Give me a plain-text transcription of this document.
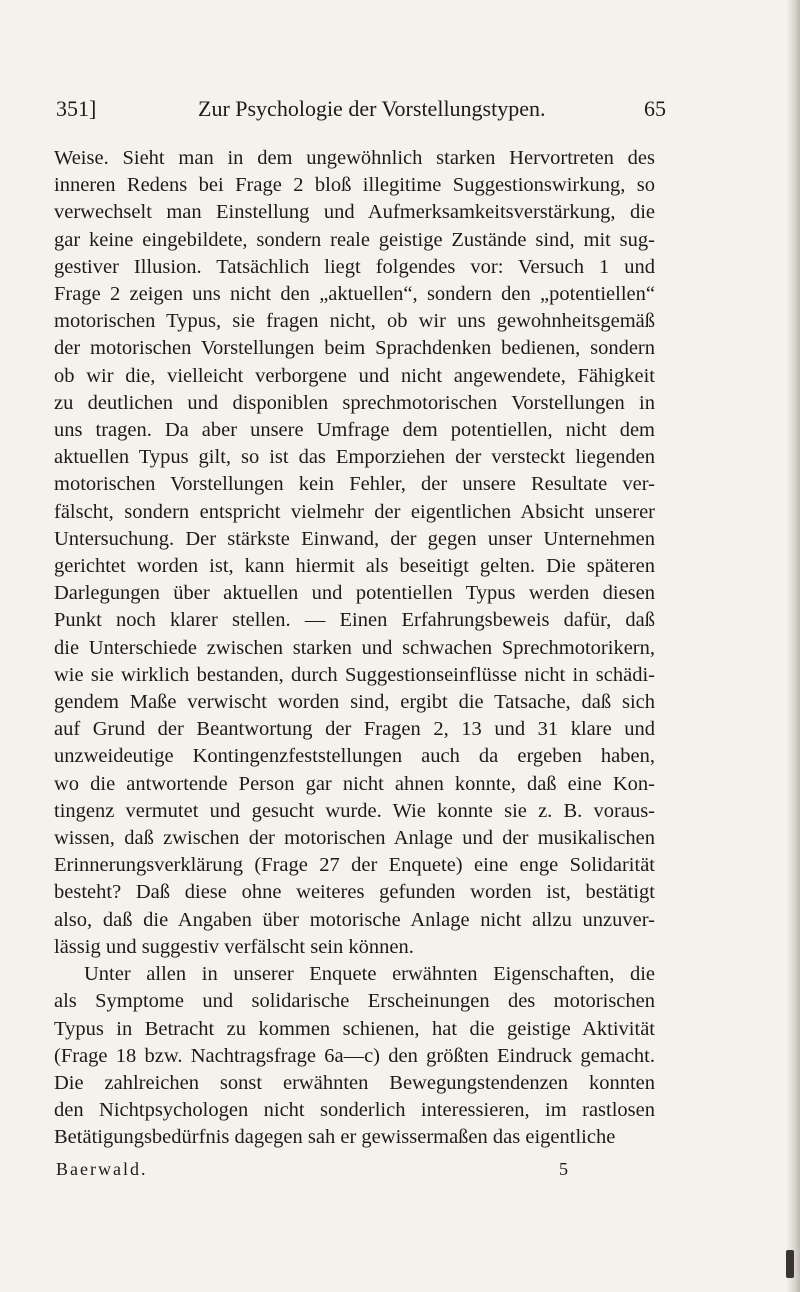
351]	Zur Psychologie der Vorstellungstypen.	65
Weise. Sieht man in dem ungewöhnlich starken Hervortreten des
inneren Redens bei Frage 2 bloß illegitime Suggestionswirkung, so
verwechselt man Einstellung und Aufmerksamkeitsverstärkung, die
gar keine eingebildete, sondern reale geistige Zustände sind, mit sug-
gestiver Illusion. Tatsächlich liegt folgendes vor: Versuch 1 und
Frage 2 zeigen uns nicht den „aktuellen“, sondern den „potentiellen“
motorischen Typus, sie fragen nicht, ob wir uns gewohnheitsgemäß
der motorischen Vorstellungen beim Sprachdenken bedienen, sondern
ob wir die, vielleicht verborgene und nicht angewendete, Fähigkeit
zu deutlichen und disponiblen sprechmotorischen Vorstellungen in
uns tragen. Da aber unsere Umfrage dem potentiellen, nicht dem
aktuellen Typus gilt, so ist das Emporziehen der versteckt liegenden
motorischen Vorstellungen kein Fehler, der unsere Resultate ver-
fälscht, sondern entspricht vielmehr der eigentlichen Absicht unserer
Untersuchung. Der stärkste Einwand, der gegen unser Unternehmen
gerichtet worden ist, kann hiermit als beseitigt gelten. Die späteren
Darlegungen über aktuellen und potentiellen Typus werden diesen
Punkt noch klarer stellen. — Einen Erfahrungsbeweis dafür, daß
die Unterschiede zwischen starken und schwachen Sprechmotorikern,
wie sie wirklich bestanden, durch Suggestionseinflüsse nicht in schädi-
gendem Maße verwischt worden sind, ergibt die Tatsache, daß sich
auf Grund der Beantwortung der Fragen 2, 13 und 31 klare und
unzweideutige Kontingenzfeststellungen auch da ergeben haben,
wo die antwortende Person gar nicht ahnen konnte, daß eine Kon-
tingenz vermutet und gesucht wurde. Wie konnte sie z. B. voraus-
wissen, daß zwischen der motorischen Anlage und der musikalischen
Erinnerungsverklärung (Frage 27 der Enquete) eine enge Solidarität
besteht? Daß diese ohne weiteres gefunden worden ist, bestätigt
also, daß die Angaben über motorische Anlage nicht allzu unzuver-
lässig und suggestiv verfälscht sein können.
Unter allen in unserer Enquete erwähnten Eigenschaften, die
als Symptome und solidarische Erscheinungen des motorischen
Typus in Betracht zu kommen schienen, hat die geistige Aktivität
(Frage 18 bzw. Nachtragsfrage 6a—c) den größten Eindruck gemacht.
Die zahlreichen sonst erwähnten Bewegungstendenzen konnten
den Nichtpsychologen nicht sonderlich interessieren, im rastlosen
Betätigungsbedürfnis dagegen sah er gewissermaßen das eigentliche
Baerwald.	5
